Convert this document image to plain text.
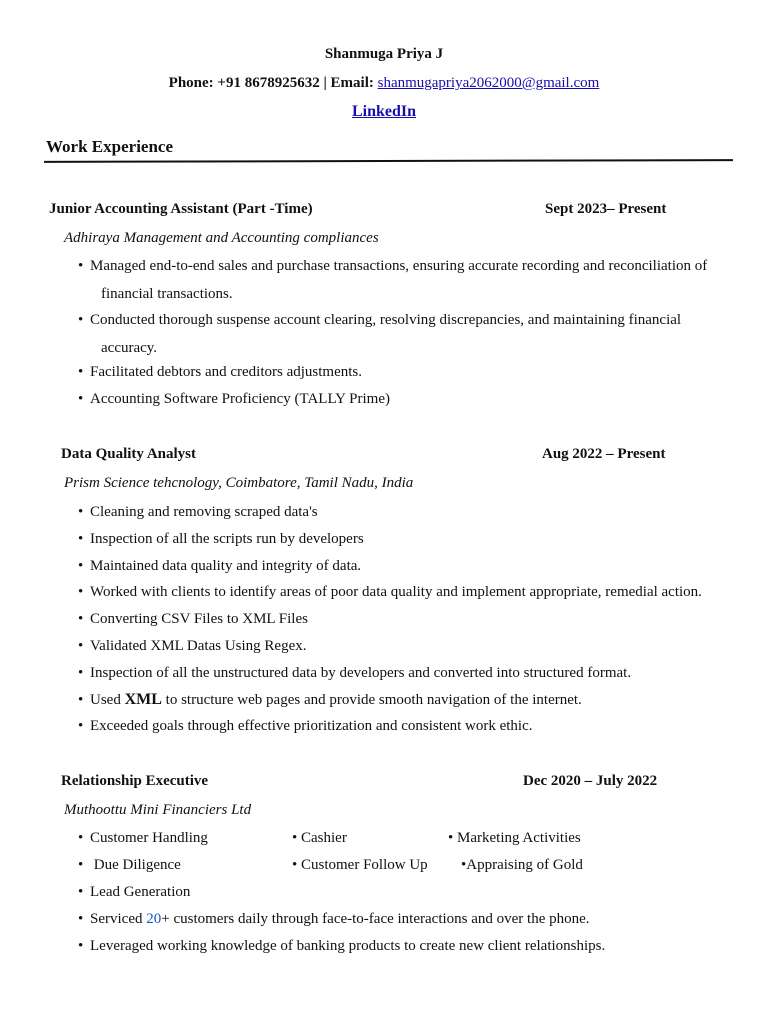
Shanmuga Priya J
Phone: +91 8678925632 | Email: shanmugapriya2062000@gmail.com
LinkedIn
Work Experience
Junior Accounting Assistant (Part -Time)	Sept 2023– Present
Adhiraya Management and Accounting compliances
• Managed end-to-end sales and purchase transactions, ensuring accurate recording and reconciliation of
financial transactions.
• Conducted thorough suspense account clearing, resolving discrepancies, and maintaining financial
accuracy.
• Facilitated debtors and creditors adjustments.
• Accounting Software Proficiency (TALLY Prime)
Data Quality Analyst	Aug 2022 – Present
Prism Science tehcnology, Coimbatore, Tamil Nadu, India
• Cleaning and removing scraped data's
• Inspection of all the scripts run by developers
• Maintained data quality and integrity of data.
• Worked with clients to identify areas of poor data quality and implement appropriate, remedial action.
• Converting CSV Files to XML Files
• Validated XML Datas Using Regex.
• Inspection of all the unstructured data by developers and converted into structured format.
• Used XML to structure web pages and provide smooth navigation of the internet.
• Exceeded goals through effective prioritization and consistent work ethic.
Relationship Executive	Dec 2020 – July 2022
Muthoottu Mini Financiers Ltd
• Customer Handling	• Cashier	• Marketing Activities
• Due Diligence	• Customer Follow Up •Appraising of Gold
• Lead Generation
• Serviced 20+ customers daily through face-to-face interactions and over the phone.
• Leveraged working knowledge of banking products to create new client relationships.
